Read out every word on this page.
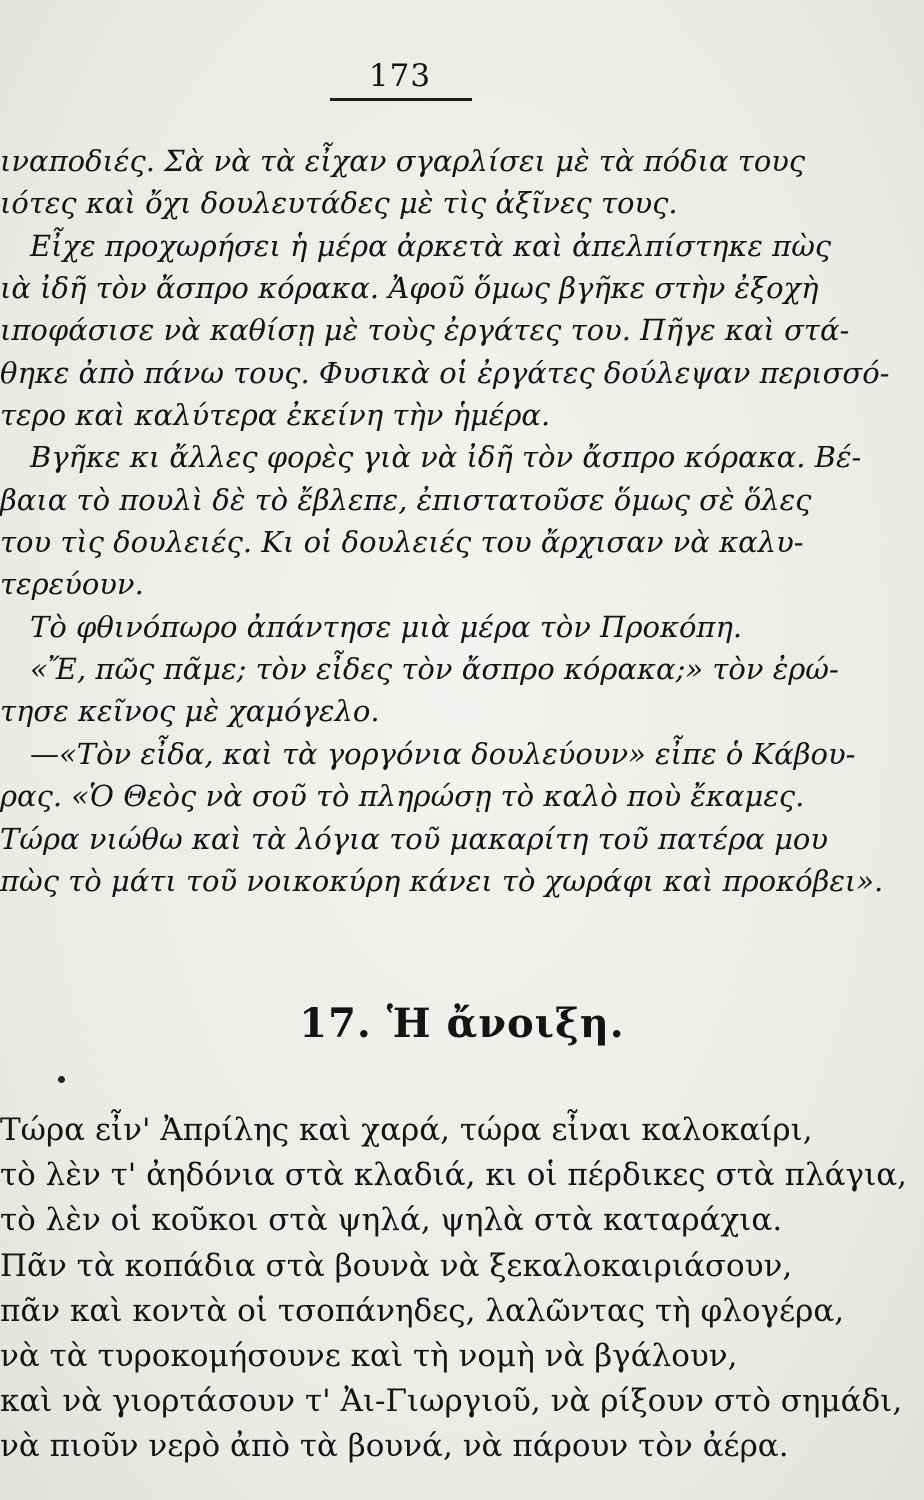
173
ιναποδιές. Σὰ νὰ τὰ εἶχαν σγαρλίσει μὲ τὰ πόδια τους
ιότες καὶ ὄχι δουλευτάδες μὲ τὶς ἀξῖνες τους.
Εἶχε προχωρήσει ἡ μέρα ἀρκετὰ καὶ ἀπελπίστηκε πὼς
ιὰ ἰδῆ τὸν ἄσπρο κόρακα. Ἀφοῦ ὅμως βγῆκε στὴν ἐξοχὴ
ιποφάσισε νὰ καθίσῃ μὲ τοὺς ἐργάτες του. Πῆγε καὶ στά-
θηκε ἀπὸ πάνω τους. Φυσικὰ οἱ ἐργάτες δούλεψαν περισσό-
τερο καὶ καλύτερα ἐκείνη τὴν ἡμέρα.
Βγῆκε κι ἄλλες φορὲς γιὰ νὰ ἰδῆ τὸν ἄσπρο κόρακα. Βέ-
βαια τὸ πουλὶ δὲ τὸ ἔβλεπε, ἐπιστατοῦσε ὅμως σὲ ὅλες
του τὶς δουλειές. Κι οἱ δουλειές του ἄρχισαν νὰ καλυ-
τερεύουν.
Τὸ φθινόπωρο ἀπάντησε μιὰ μέρα τὸν Προκόπη.
«Ἔ, πῶς πᾶμε; τὸν εἶδες τὸν ἄσπρο κόρακα;» τὸν ἐρώ-
τησε κεῖνος μὲ χαμόγελο.
—«Τὸν εἶδα, καὶ τὰ γοργόνια δουλεύουν» εἶπε ὁ Κάβου-
ρας. «Ὁ Θεὸς νὰ σοῦ τὸ πληρώσῃ τὸ καλὸ ποὺ ἔκαμες.
Τώρα νιώθω καὶ τὰ λόγια τοῦ μακαρίτη τοῦ πατέρα μου
πὼς τὸ μάτι τοῦ νοικοκύρη κάνει τὸ χωράφι καὶ προκόβει».
17. Ἡ ἄνοιξη.
Τώρα εἶν' Ἀπρίλης καὶ χαρά, τώρα εἶναι καλοκαίρι,
τὸ λὲν τ' ἀηδόνια στὰ κλαδιά, κι οἱ πέρδικες στὰ πλάγια,
τὸ λὲν οἱ κοῦκοι στὰ ψηλά, ψηλὰ στὰ καταράχια.
Πᾶν τὰ κοπάδια στὰ βουνὰ νὰ ξεκαλοκαιριάσουν,
πᾶν καὶ κοντὰ οἱ τσοπάνηδες, λαλῶντας τὴ φλογέρα,
νὰ τὰ τυροκομήσουνε καὶ τὴ νομὴ νὰ βγάλουν,
καὶ νὰ γιορτάσουν τ' Ἀι-Γιωργιοῦ, νὰ ρίξουν στὸ σημάδι,
νὰ πιοῦν νερὸ ἀπὸ τὰ βουνά, νὰ πάρουν τὸν ἀέρα.
